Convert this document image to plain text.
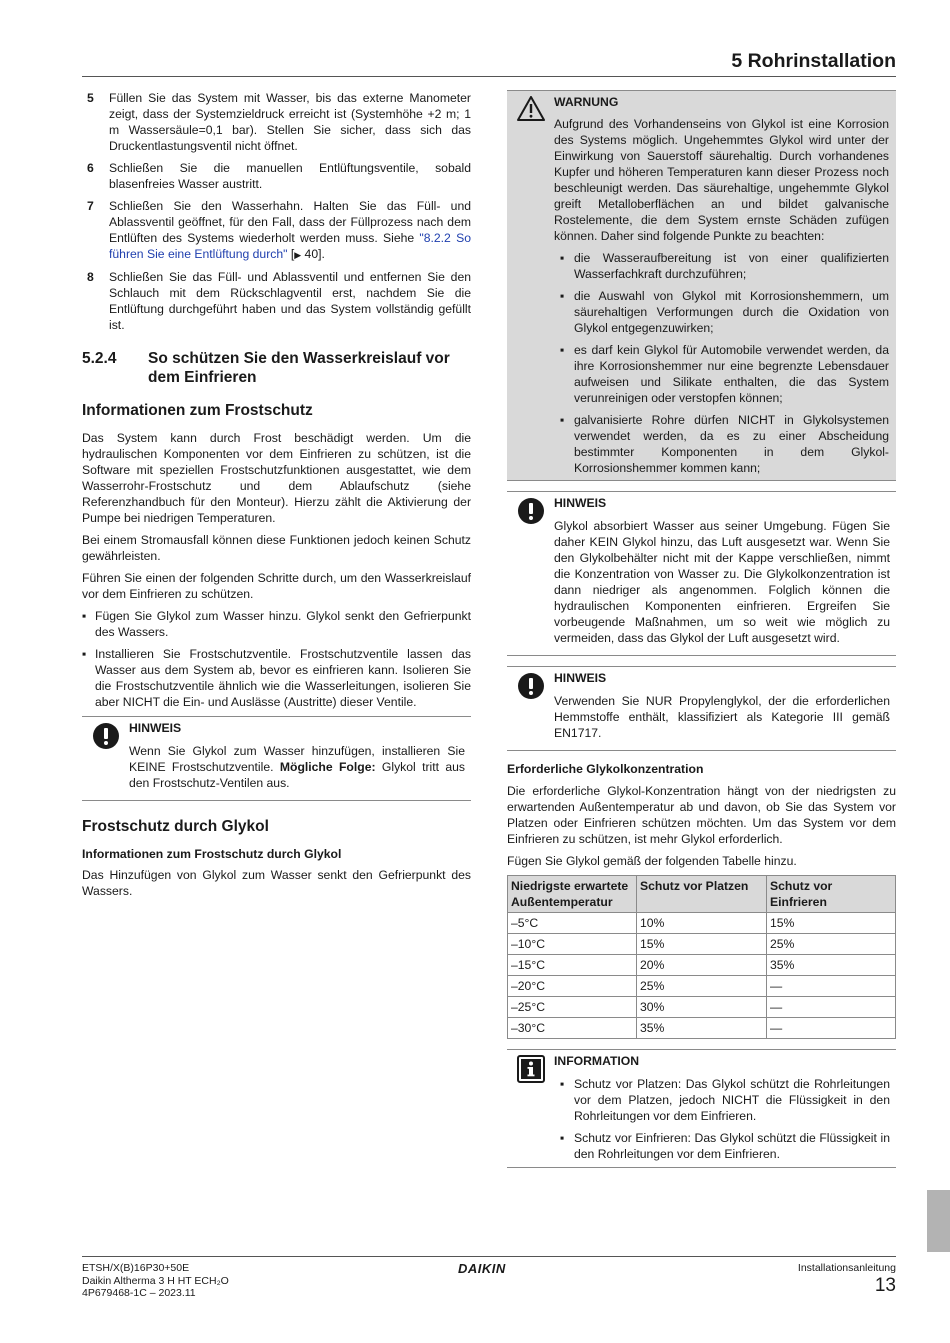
5 Rohrinstallation
5	Füllen Sie das System mit Wasser, bis das externe Manometer zeigt, dass der Systemzieldruck erreicht ist (Systemhöhe +2 m; 1 m Wassersäule=0,1 bar). Stellen Sie sicher, dass sich das Druckentlastungsventil nicht öffnet.
6	Schließen Sie die manuellen Entlüftungsventile, sobald blasenfreies Wasser austritt.
7	Schließen Sie den Wasserhahn. Halten Sie das Füll- und Ablassventil geöffnet, für den Fall, dass der Füllprozess nach dem Entlüften des Systems wiederholt werden muss. Siehe "8.2.2 So führen Sie eine Entlüftung durch" [▶ 40].
8	Schließen Sie das Füll- und Ablassventil und entfernen Sie den Schlauch mit dem Rückschlagventil erst, nachdem Sie die Entlüftung durchgeführt haben und das System vollständig gefüllt ist.
5.2.4	So schützen Sie den Wasserkreislauf vor dem Einfrieren
Informationen zum Frostschutz

Das System kann durch Frost beschädigt werden. Um die hydraulischen Komponenten vor dem Einfrieren zu schützen, ist die Software mit speziellen Frostschutzfunktionen ausgestattet, wie dem Wasserrohr-Frostschutz und dem Ablaufschutz (siehe Referenzhandbuch für den Monteur). Hierzu zählt die Aktivierung der Pumpe bei niedrigen Temperaturen.

Bei einem Stromausfall können diese Funktionen jedoch keinen Schutz gewährleisten.

Führen Sie einen der folgenden Schritte durch, um den Wasserkreislauf vor dem Einfrieren zu schützen.

▪ Fügen Sie Glykol zum Wasser hinzu. Glykol senkt den Gefrierpunkt des Wassers.
▪ Installieren Sie Frostschutzventile. Frostschutzventile lassen das Wasser aus dem System ab, bevor es einfrieren kann. Isolieren Sie die Frostschutzventile ähnlich wie die Wasserleitungen, isolieren Sie aber NICHT die Ein- und Auslässe (Austritte) dieser Ventile.
HINWEIS

Wenn Sie Glykol zum Wasser hinzufügen, installieren Sie KEINE Frostschutzventile. Mögliche Folge: Glykol tritt aus den Frostschutz-Ventilen aus.

Frostschutz durch Glykol
Informationen zum Frostschutz durch Glykol

Das Hinzufügen von Glykol zum Wasser senkt den Gefrierpunkt des Wassers.

WARNUNG

Aufgrund des Vorhandenseins von Glykol ist eine Korrosion des Systems möglich. Ungehemmtes Glykol wird unter der Einwirkung von Sauerstoff säurehaltig. Durch vorhandenes Kupfer und höheren Temperaturen kann dieser Prozess noch beschleunigt werden. Das säurehaltige, ungehemmte Glykol greift Metalloberflächen an und bildet galvanische Rostelemente, die dem System ernste Schäden zufügen können. Daher sind folgende Punkte zu beachten:

▪ die Wasseraufbereitung ist von einer qualifizierten Wasserfachkraft durchzuführen;
▪ die Auswahl von Glykol mit Korrosionshemmern, um säurehaltigen Verformungen durch die Oxidation von Glykol entgegenzuwirken;
▪ es darf kein Glykol für Automobile verwendet werden, da ihre Korrosionshemmer nur eine begrenzte Lebensdauer aufweisen und Silikate enthalten, die das System verunreinigen oder verstopfen können;
▪ galvanisierte Rohre dürfen NICHT in Glykolsystemen verwendet werden, da es zu einer Abscheidung bestimmter Komponenten in dem Glykol-Korrosionshemmer kommen kann;
HINWEIS

Glykol absorbiert Wasser aus seiner Umgebung. Fügen Sie daher KEIN Glykol hinzu, das Luft ausgesetzt war. Wenn Sie den Glykolbehälter nicht mit der Kappe verschließen, nimmt die Konzentration von Wasser zu. Die Glykolkonzentration ist dann niedriger als angenommen. Folglich können die hydraulischen Komponenten einfrieren. Ergreifen Sie vorbeugende Maßnahmen, um so weit wie möglich zu vermeiden, dass das Glykol der Luft ausgesetzt wird.

HINWEIS

Verwenden Sie NUR Propylenglykol, der die erforderlichen Hemmstoffe enthält, klassifiziert als Kategorie III gemäß EN1717.

Erforderliche Glykolkonzentration

Die erforderliche Glykol-Konzentration hängt von der niedrigsten zu erwartenden Außentemperatur ab und davon, ob Sie das System vor Platzen oder Einfrieren schützen möchten. Um das System vor dem Einfrieren zu schützen, ist mehr Glykol erforderlich.

Fügen Sie Glykol gemäß der folgenden Tabelle hinzu.

Niedrigste erwartete Außentemperatur	Schutz vor Platzen	Schutz vor Einfrieren
–5°C	10%	15%
–10°C	15%	25%
–15°C	20%	35%
–20°C	25%	—
–25°C	30%	—
–30°C	35%	—
INFORMATION
▪ Schutz vor Platzen: Das Glykol schützt die Rohrleitungen vor dem Platzen, jedoch NICHT die Flüssigkeit in den Rohrleitungen vor dem Einfrieren.
▪ Schutz vor Einfrieren: Das Glykol schützt die Flüssigkeit in den Rohrleitungen vor dem Einfrieren.
ETSH/X(B)16P30+50E
Daikin Altherma 3 H HT ECH₂O
4P679468-1C – 2023.11
DAIKIN	Installationsanleitung
13
